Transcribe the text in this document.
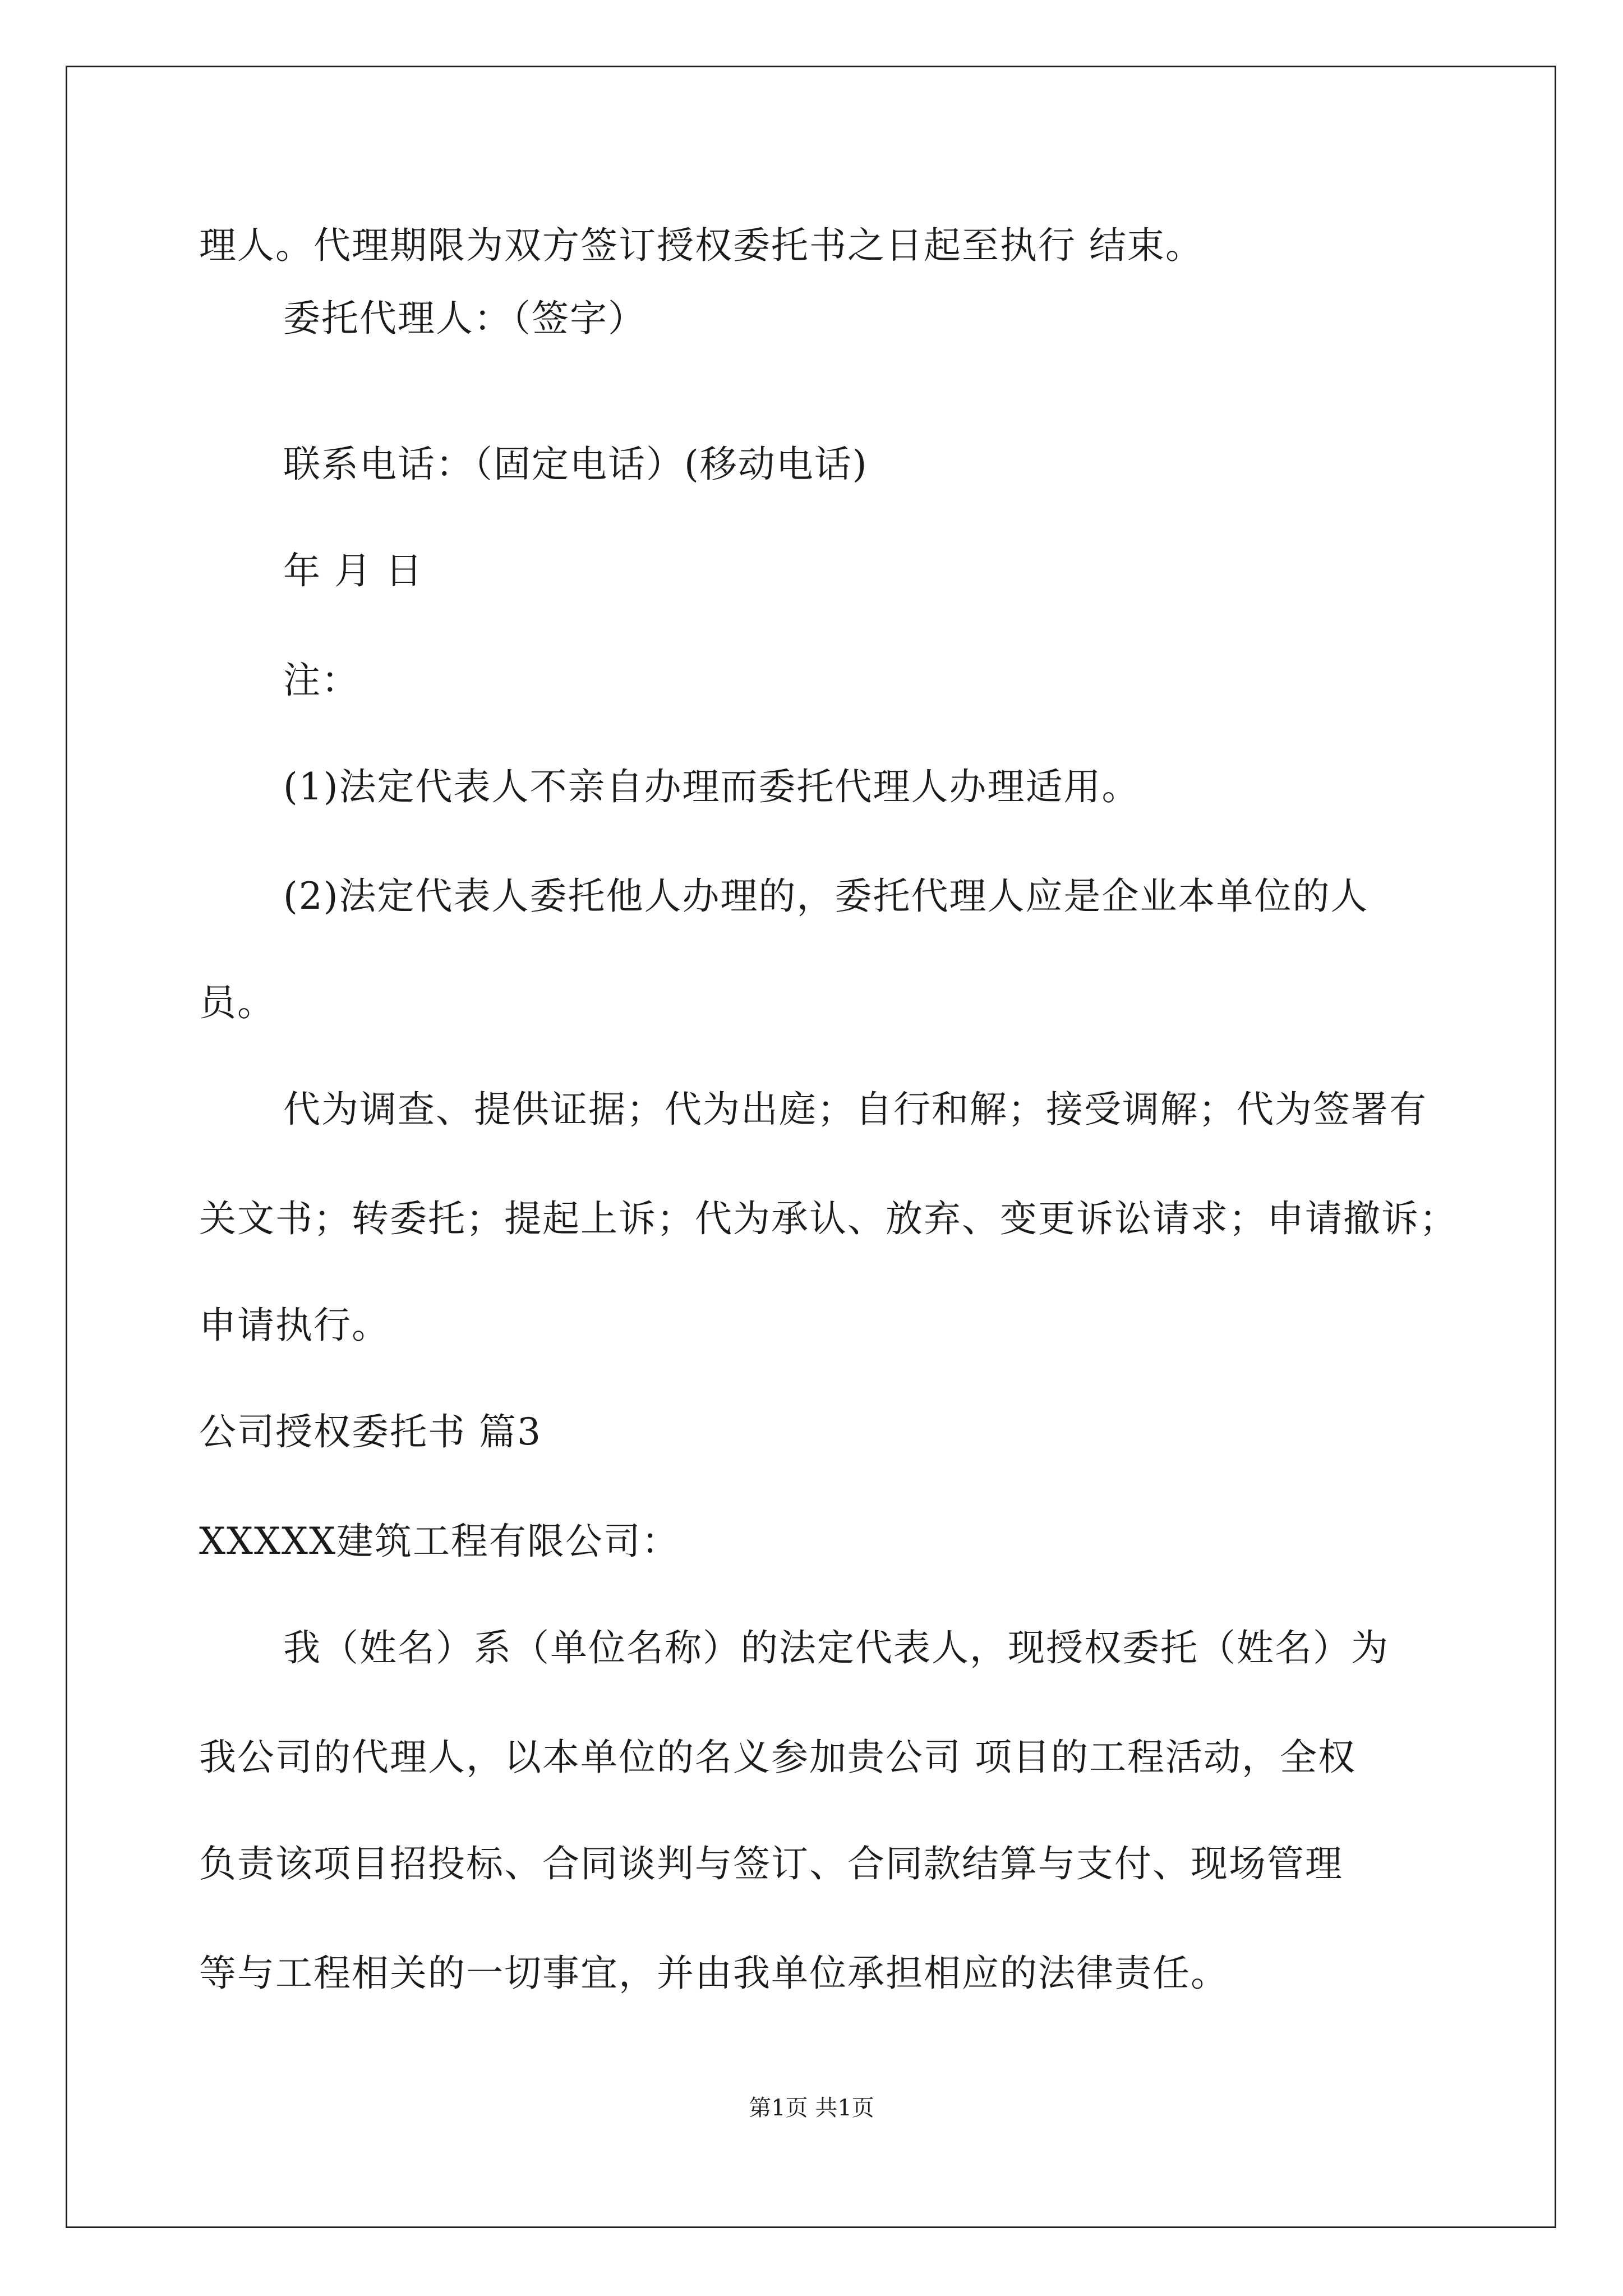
理人。代理期限为双方签订授权委托书之日起至执行 结束。
委托代理人：（签字）
联系电话：（固定电话）(移动电话)
年 月 日
注：
(1)法定代表人不亲自办理而委托代理人办理适用。
(2)法定代表人委托他人办理的，委托代理人应是企业本单位的人
员。
代为调查、提供证据；代为出庭；自行和解；接受调解；代为签署有
关文书；转委托；提起上诉；代为承认、放弃、变更诉讼请求；申请撤诉；
申请执行。
公司授权委托书 篇3
XXXXX建筑工程有限公司：
我（姓名）系（单位名称）的法定代表人，现授权委托（姓名）为
我公司的代理人，以本单位的名义参加贵公司 项目的工程活动，全权
负责该项目招投标、合同谈判与签订、合同款结算与支付、现场管理
等与工程相关的一切事宜，并由我单位承担相应的法律责任。
第1页 共1页
